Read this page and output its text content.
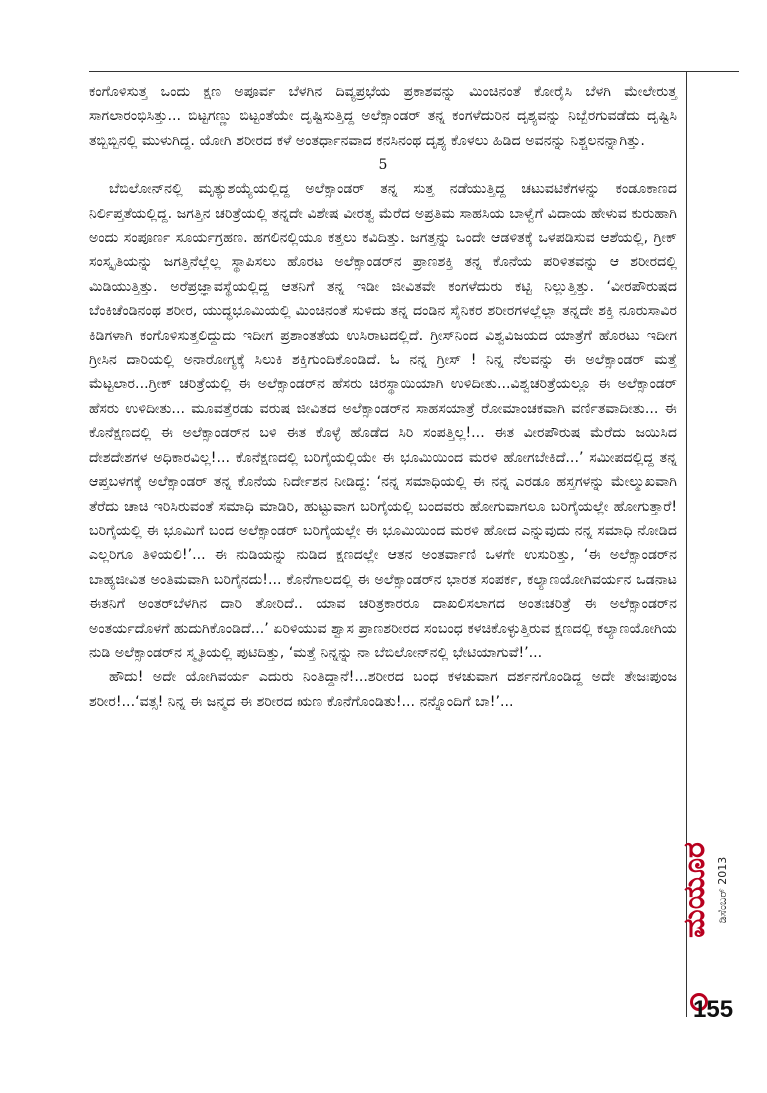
ಕಂಗೊಳಿಸುತ್ತ ಒಂದು ಕ್ಷಣ ಅಪೂರ್ವ ಬೆಳಗಿನ ದಿವ್ಯಪ್ರಭೆಯ ಪ್ರಕಾಶವನ್ನು ಮಿಂಚಿನಂತೆ ಕೋರೈಸಿ ಬೆಳಗಿ ಮೇಲೇರುತ್ತ ಸಾಗಲಾರಂಭಿಸಿತ್ತು... ಬಿಟ್ಟಗಣ್ಣು ಬಿಟ್ಟಂತೆಯೇ ದೃಷ್ಟಿಸುತ್ತಿದ್ದ ಅಲೆಕ್ಸಾಂಡರ್ ತನ್ನ ಕಂಗಳೆದುರಿನ ದೃಶ್ಯವನ್ನು ನಿಬ್ಬೆರಗುವಡೆದು ದೃಷ್ಟಿಸಿ ತಬ್ಬಿಬ್ಬಿನಲ್ಲಿ ಮುಳುಗಿದ್ದ. ಯೋಗಿ ಶರೀರದ ಕಳೆ ಅಂತರ್ಧಾನವಾದ ಕನಸಿನಂಥ ದೃಶ್ಯ ಕೊಳಲು ಹಿಡಿದ ಅವನನ್ನು ನಿಶ್ಚಲನನ್ನಾಗಿತ್ತು.

5

ಬೆಬಿಲೋನ್‌ನಲ್ಲಿ ಮೃತ್ಯುಶಯ್ಯೆಯಲ್ಲಿದ್ದ ಅಲೆಕ್ಸಾಂಡರ್ ತನ್ನ ಸುತ್ತ ನಡೆಯುತ್ತಿದ್ದ ಚಟುವಟಿಕೆಗಳನ್ನು ಕಂಡೂಕಾಣದ ನಿರ್ಲಿಪ್ತತೆಯಲ್ಲಿದ್ದ. ಜಗತ್ತಿನ ಚರಿತ್ರೆಯಲ್ಲಿ ತನ್ನದೇ ವಿಶೇಷ ವೀರತ್ವ ಮೆರೆದ ಅಪ್ರತಿಮ ಸಾಹಸಿಯ ಬಾಳ್ವೆಗೆ ವಿದಾಯ ಹೇಳುವ ಕುರುಹಾಗಿ ಅಂದು ಸಂಪೂರ್ಣ ಸೂರ್ಯಗ್ರಹಣ. ಹಗಲಿನಲ್ಲಿಯೂ ಕತ್ತಲು ಕವಿದಿತ್ತು. ಜಗತ್ತನ್ನು ಒಂದೇ ಆಡಳಿತಕ್ಕೆ ಒಳಪಡಿಸುವ ಆಶೆಯಲ್ಲಿ, ಗ್ರೀಕ್ ಸಂಸ್ಕೃತಿಯನ್ನು ಜಗತ್ತಿನೆಲ್ಲೆಲ್ಲ ಸ್ಥಾಪಿಸಲು ಹೊರಟ ಅಲೆಕ್ಸಾಂಡರ್‌ನ ಪ್ರಾಣಶಕ್ತಿ ತನ್ನ ಕೊನೆಯ ಪರಿಳಿತವನ್ನು ಆ ಶರೀರದಲ್ಲಿ ಮಿಡಿಯುತ್ತಿತ್ತು. ಅರೆಪ್ರಜ್ಞಾವಸ್ಥೆಯಲ್ಲಿದ್ದ ಆತನಿಗೆ ತನ್ನ ಇಡೀ ಜೀವಿತವೇ ಕಂಗಳೆದುರು ಕಟ್ಟಿ ನಿಲ್ಲುತ್ತಿತ್ತು. ‘ವೀರಪೌರುಷದ ಬೆಂಕಿಚೆಂಡಿನಂಥ ಶರೀರ, ಯುದ್ಧಭೂಮಿಯಲ್ಲಿ ಮಿಂಚಿನಂತೆ ಸುಳಿದು ತನ್ನ ದಂಡಿನ ಸೈನಿಕರ ಶರೀರಗಳಲ್ಲೆಲ್ಲಾ ತನ್ನದೇ ಶಕ್ತಿ ನೂರುಸಾವಿರ ಕಿಡಿಗಳಾಗಿ ಕಂಗೊಳಿಸುತ್ತಲಿದ್ದುದು ಇದೀಗ ಪ್ರಶಾಂತತೆಯ ಉಸಿರಾಟದಲ್ಲಿದೆ. ಗ್ರೀಸ್‌ನಿಂದ ವಿಶ್ವವಿಜಯದ ಯಾತ್ರೆಗೆ ಹೊರಟು ಇದೀಗ ಗ್ರೀಸಿನ ದಾರಿಯಲ್ಲಿ ಅನಾರೋಗ್ಯಕ್ಕೆ ಸಿಲುಕಿ ಶಕ್ತಿಗುಂದಿಕೊಂಡಿದೆ. ಓ ನನ್ನ ಗ್ರೀಸ್ ! ನಿನ್ನ ನೆಲವನ್ನು ಈ ಅಲೆಕ್ಸಾಂಡರ್ ಮತ್ತೆ ಮೆಟ್ಟಲಾರ...ಗ್ರೀಕ್ ಚರಿತ್ರೆಯಲ್ಲಿ ಈ ಅಲೆಕ್ಸಾಂಡರ್‌ನ ಹೆಸರು ಚಿರಸ್ಥಾಯಿಯಾಗಿ ಉಳಿದೀತು...ವಿಶ್ವಚರಿತ್ರೆಯಲ್ಲೂ ಈ ಅಲೆಕ್ಸಾಂಡರ್ ಹೆಸರು ಉಳಿದೀತು... ಮೂವತ್ತೆರಡು ವರುಷ ಜೀವಿತದ ಅಲೆಕ್ಸಾಂಡರ್‌ನ ಸಾಹಸಯಾತ್ರೆ ರೋಮಾಂಚಕವಾಗಿ ವರ್ಣಿತವಾದೀತು... ಈ ಕೊನೆಕ್ಷಣದಲ್ಲಿ ಈ ಅಲೆಕ್ಸಾಂಡರ್‌ನ ಬಳಿ ಈತ ಕೊಳ್ಳೆ ಹೊಡೆದ ಸಿರಿ ಸಂಪತ್ತಿಲ್ಲ!... ಈತ ವೀರಪೌರುಷ ಮೆರೆದು ಜಯಿಸಿದ ದೇಶದೇಶಗಳ ಅಧಿಕಾರವಿಲ್ಲ!... ಕೊನೆಕ್ಷಣದಲ್ಲಿ ಬರಿಗೈಯಲ್ಲಿಯೇ ಈ ಭೂಮಿಯಿಂದ ಮರಳಿ ಹೋಗಬೇಕಿದೆ...’ ಸಮೀಪದಲ್ಲಿದ್ದ ತನ್ನ ಆಪ್ತಬಳಗಕ್ಕೆ ಅಲೆಕ್ಸಾಂಡರ್ ತನ್ನ ಕೊನೆಯ ನಿರ್ದೇಶನ ನೀಡಿದ್ದ: ‘ನನ್ನ ಸಮಾಧಿಯಲ್ಲಿ ಈ ನನ್ನ ಎರಡೂ ಹಸ್ತಗಳನ್ನು ಮೇಲ್ಮುಖವಾಗಿ ತೆರೆದು ಚಾಚಿ ಇರಿಸಿರುವಂತೆ ಸಮಾಧಿ ಮಾಡಿರಿ, ಹುಟ್ಟುವಾಗ ಬರಿಗೈಯಲ್ಲಿ ಬಂದವರು ಹೋಗುವಾಗಲೂ ಬರಿಗೈಯಲ್ಲೇ ಹೋಗುತ್ತಾರೆ! ಬರಿಗೈಯಲ್ಲಿ ಈ ಭೂಮಿಗೆ ಬಂದ ಅಲೆಕ್ಸಾಂಡರ್ ಬರಿಗೈಯಲ್ಲೇ ಈ ಭೂಮಿಯಿಂದ ಮರಳಿ ಹೋದ ಎನ್ನುವುದು ನನ್ನ ಸಮಾಧಿ ನೋಡಿದ ಎಲ್ಲರಿಗೂ ತಿಳಿಯಲಿ!’... ಈ ನುಡಿಯನ್ನು ನುಡಿದ ಕ್ಷಣದಲ್ಲೇ ಆತನ ಅಂತರ್ವಾಣಿ ಒಳಗೇ ಉಸುರಿತ್ತು, ‘ಈ ಅಲೆಕ್ಸಾಂಡರ್‌ನ ಬಾಹ್ಯಜೀವಿತ ಅಂತಿಮವಾಗಿ ಬರಿಗೈನದು!... ಕೊನೆಗಾಲದಲ್ಲಿ ಈ ಅಲೆಕ್ಸಾಂಡರ್‌ನ ಭಾರತ ಸಂಪರ್ಕ, ಕಲ್ಯಾಣಯೋಗಿವರ್ಯನ ಒಡನಾಟ ಈತನಿಗೆ ಅಂತರ್‌ಬೆಳಗಿನ ದಾರಿ ತೋರಿದೆ.. ಯಾವ ಚರಿತ್ರಕಾರರೂ ದಾಖಲಿಸಲಾಗದ ಅಂತಃಚರಿತ್ರೆ ಈ ಅಲೆಕ್ಸಾಂಡರ್‌ನ ಅಂತರ್ಯದೊಳಗೆ ಹುದುಗಿಕೊಂಡಿದೆ...’ ಏರಿಳಿಯುವ ಶ್ವಾಸ ಪ್ರಾಣಶರೀರದ ಸಂಬಂಧ ಕಳಚಿಕೊಳ್ಳುತ್ತಿರುವ ಕ್ಷಣದಲ್ಲಿ ಕಲ್ಯಾಣಯೋಗಿಯ ನುಡಿ ಅಲೆಕ್ಸಾಂಡರ್‌ನ ಸ್ಮೃತಿಯಲ್ಲಿ ಪುಟಿದಿತ್ತು, ‘ಮತ್ತೆ ನಿನ್ನನ್ನು ನಾ ಬೆಬಿಲೋನ್‌ನಲ್ಲಿ ಭೇಟಿಯಾಗುವೆ!’...

ಹೌದು! ಅದೇ ಯೋಗಿವರ್ಯ ಎದುರು ನಿಂತಿದ್ದಾನೆ!...ಶರೀರದ ಬಂಧ ಕಳಚುವಾಗ ದರ್ಶನಗೊಂಡಿದ್ದ ಅದೇ ತೇಜಃಪುಂಜ ಶರೀರ!...‘ವತ್ಸ! ನಿನ್ನ ಈ ಜನ್ಮದ ಈ ಶರೀರದ ಋಣ ಕೊನೆಗೊಂಡಿತು!... ನನ್ನೊಂದಿಗೆ ಬಾ!’...

ಮಯೂರ ಡಿಸೆಂಬರ್ 2013
155
